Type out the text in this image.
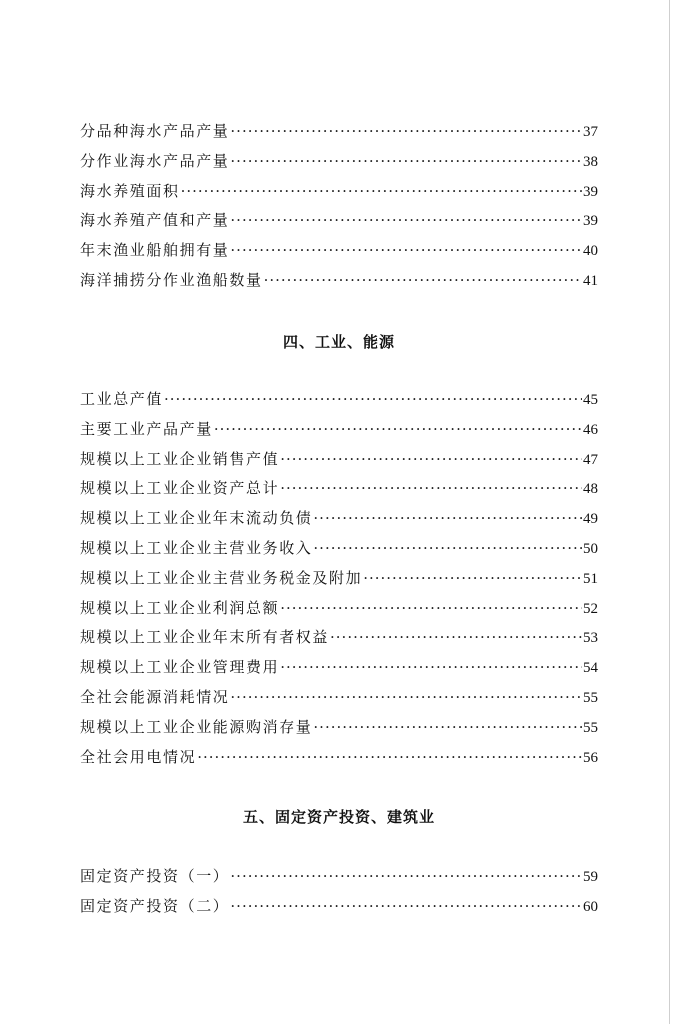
分品种海水产品产量 ·····	37
分作业海水产品产量 ·····	38
海水养殖面积 ·····	39
海水养殖产值和产量 ·····	39
年末渔业船舶拥有量 ·····	40
海洋捕捞分作业渔船数量 ·····	41
四、工业、能源
工业总产值 ·····	45
主要工业产品产量 ·····	46
规模以上工业企业销售产值 ·····	47
规模以上工业企业资产总计 ·····	48
规模以上工业企业年末流动负债 ·····	49
规模以上工业企业主营业务收入 ·····	50
规模以上工业企业主营业务税金及附加 ·····	51
规模以上工业企业利润总额 ·····	52
规模以上工业企业年末所有者权益 ·····	53
规模以上工业企业管理费用 ·····	54
全社会能源消耗情况 ·····	55
规模以上工业企业能源购消存量 ·····	55
全社会用电情况 ·····	56
五、固定资产投资、建筑业
固定资产投资（一） ·····	59
固定资产投资（二） ·····	60
